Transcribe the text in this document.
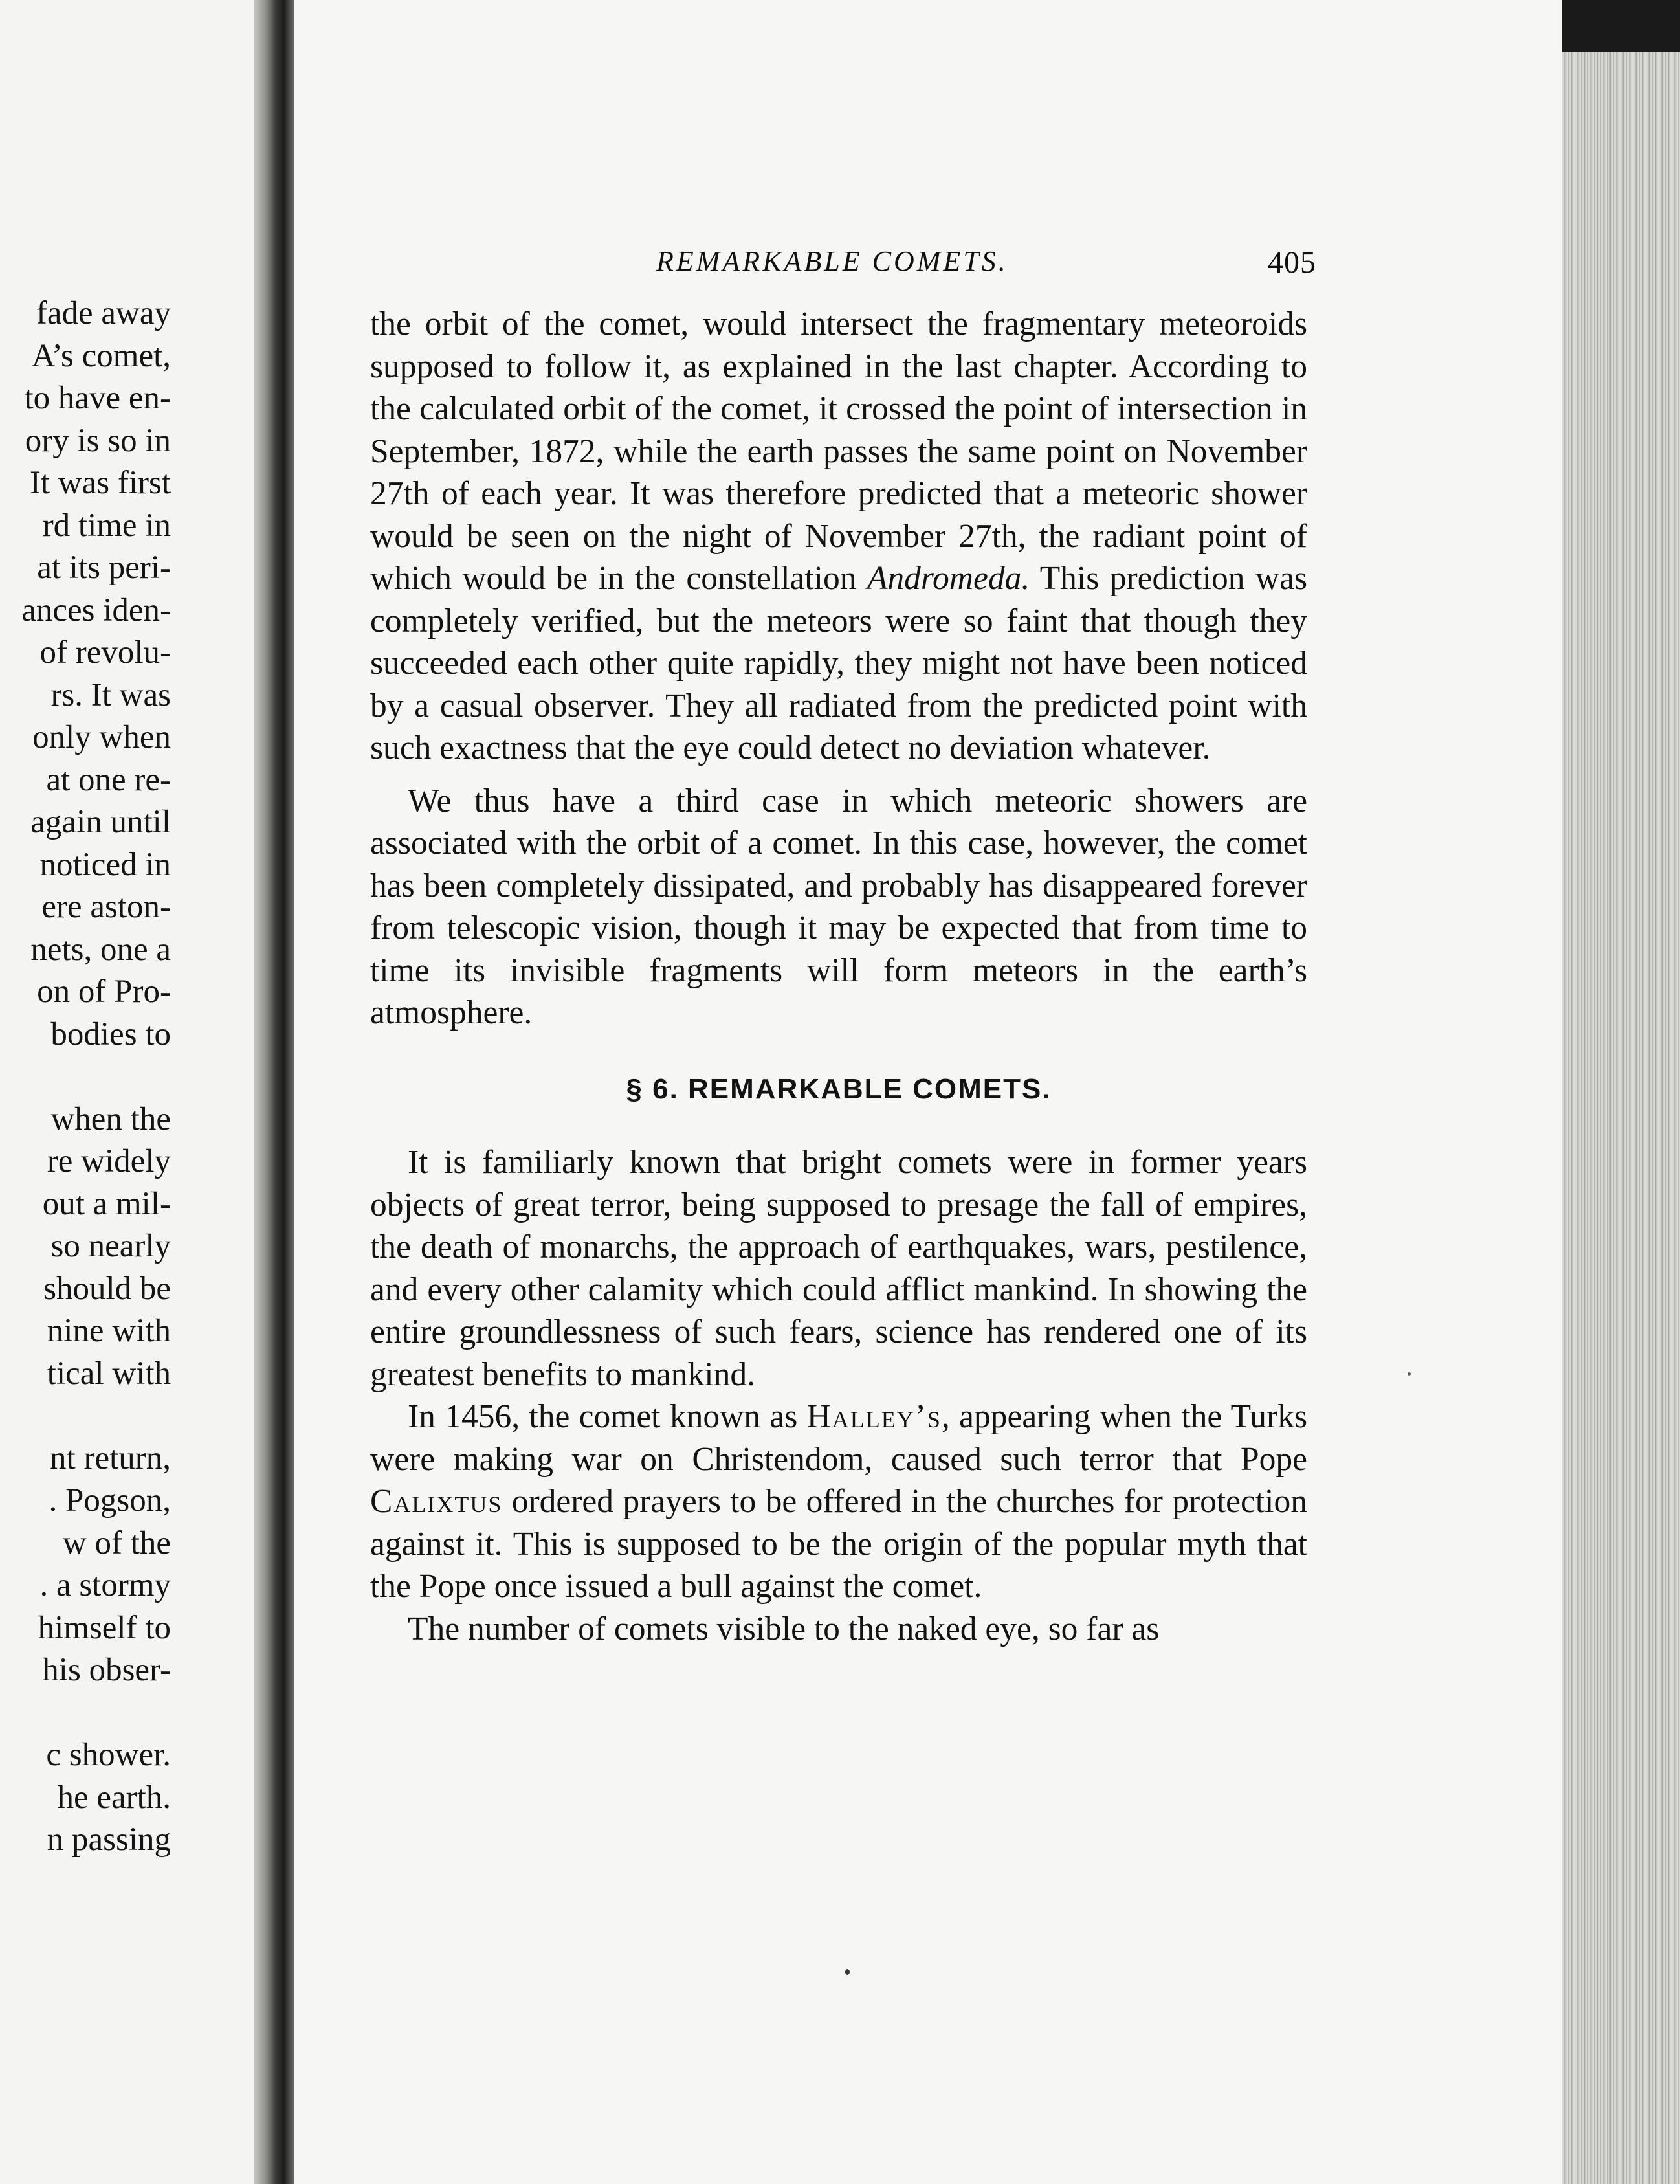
fade away
A’s comet,
to have en-
ory is so in
It was first
rd time in
at its peri-
ances iden-
of revolu-
rs. It was
only when
at one re-
again until
noticed in
ere aston-
nets, one a
on of Pro-
bodies to
when the
re widely
out a mil-
so nearly
should be
nine with
tical with
nt return,
. Pogson,
w of the
. a stormy
himself to
his obser-
c shower.
he earth.
n passing
REMARKABLE COMETS.	405

the orbit of the comet, would intersect the fragmentary meteoroids supposed to follow it, as explained in the last chapter. According to the calculated orbit of the comet, it crossed the point of intersection in September, 1872, while the earth passes the same point on November 27th of each year. It was therefore predicted that a meteoric shower would be seen on the night of November 27th, the radiant point of which would be in the constellation Andromeda. This prediction was completely verified, but the meteors were so faint that though they succeeded each other quite rapidly, they might not have been noticed by a casual observer. They all radiated from the predicted point with such exactness that the eye could detect no deviation whatever.

We thus have a third case in which meteoric showers are associated with the orbit of a comet. In this case, however, the comet has been completely dissipated, and probably has disappeared forever from telescopic vision, though it may be expected that from time to time its invisible fragments will form meteors in the earth’s atmosphere.

§ 6. REMARKABLE COMETS.

It is familiarly known that bright comets were in former years objects of great terror, being supposed to presage the fall of empires, the death of monarchs, the approach of earthquakes, wars, pestilence, and every other calamity which could afflict mankind. In showing the entire groundlessness of such fears, science has rendered one of its greatest benefits to mankind.

In 1456, the comet known as Halley’s, appearing when the Turks were making war on Christendom, caused such terror that Pope Calixtus ordered prayers to be offered in the churches for protection against it. This is supposed to be the origin of the popular myth that the Pope once issued a bull against the comet.

The number of comets visible to the naked eye, so far as
